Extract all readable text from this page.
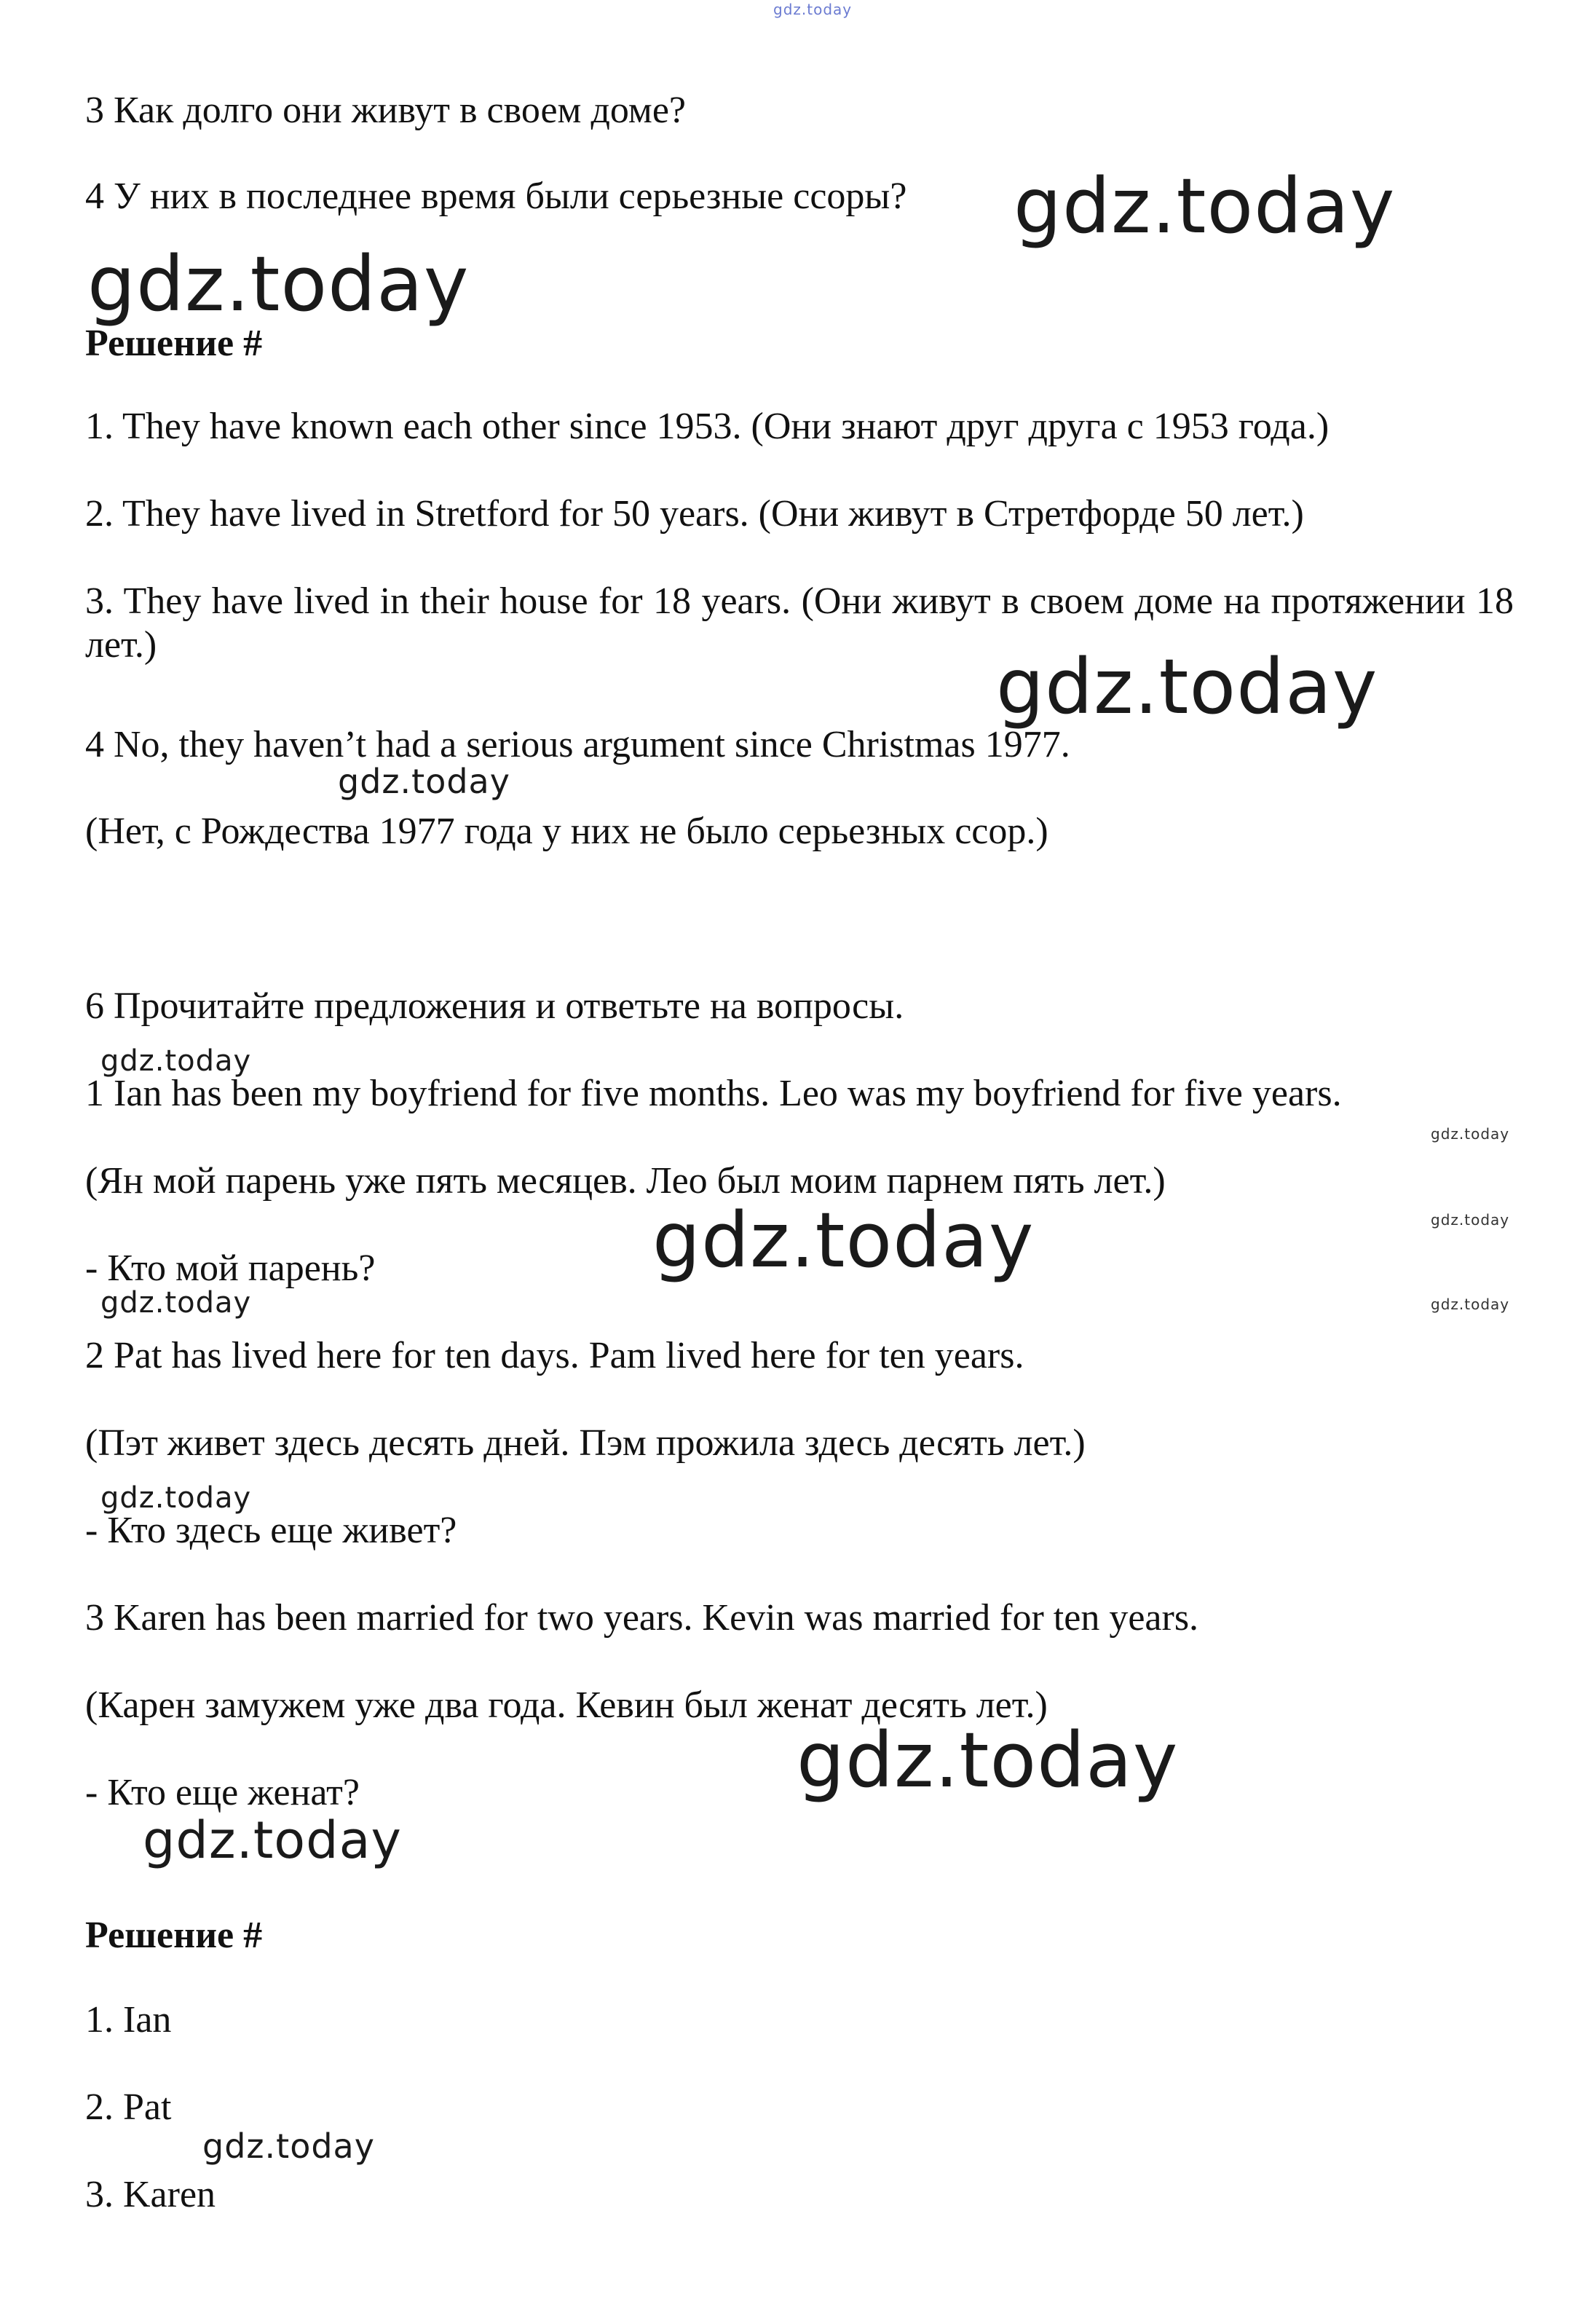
gdz.today
3 Как долго они живут в своем доме?
4 У них в последнее время были серьезные ссоры? gdz.today
gdz.today
Решение #
1. They have known each other since 1953. (Они знают друг друга с 1953 года.)
2. They have lived in Stretford for 50 years. (Они живут в Стретфорде 50 лет.)
3. They have lived in their house for 18 years. (Они живут в своем доме на протяжении 18 лет.)	gdz.today
4 No, they haven’t had a serious argument since Christmas 1977.
gdz.today
(Нет, с Рождества 1977 года у них не было серьезных ссор.)
6 Прочитайте предложения и ответьте на вопросы.
gdz.today
1 Ian has been my boyfriend for five months. Leo was my boyfriend for five years.
gdz.today
(Ян мой парень уже пять месяцев. Лео был моим парнем пять лет.)
gdz.today
gdz.today
- Кто мой парень?
gdz.today	gdz.today
2 Pat has lived here for ten days. Pam lived here for ten years.
(Пэт живет здесь десять дней. Пэм прожила здесь десять лет.)
gdz.today
- Кто здесь еще живет?
3 Karen has been married for two years. Kevin was married for ten years.
(Карен замужем уже два года. Кевин был женат десять лет.)
gdz.today
- Кто еще женат?
gdz.today
Решение #
1. Ian
2. Pat
gdz.today
3. Karen
